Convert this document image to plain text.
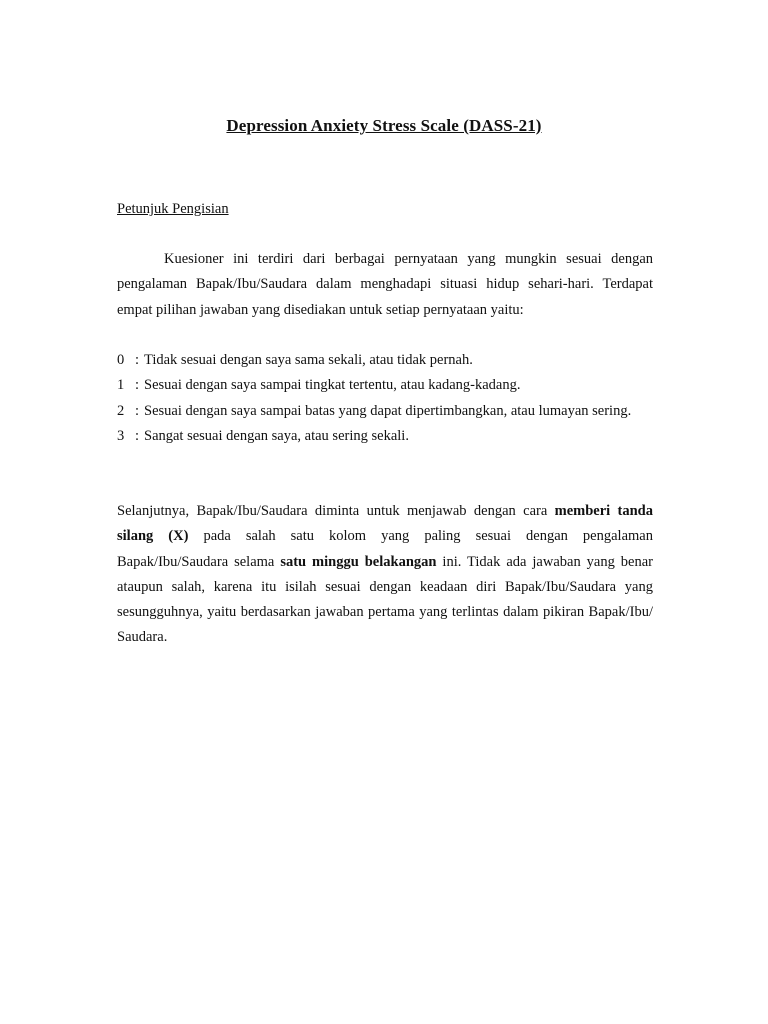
Depression Anxiety Stress Scale (DASS-21)
Petunjuk Pengisian
Kuesioner ini terdiri dari berbagai pernyataan yang mungkin sesuai dengan pengalaman Bapak/Ibu/Saudara dalam menghadapi situasi hidup sehari-hari. Terdapat empat pilihan jawaban yang disediakan untuk setiap pernyataan yaitu:
0 : Tidak sesuai dengan saya sama sekali, atau tidak pernah.
1 : Sesuai dengan saya sampai tingkat tertentu, atau kadang-kadang.
2 : Sesuai dengan saya sampai batas yang dapat dipertimbangkan, atau lumayan sering.
3 : Sangat sesuai dengan saya, atau sering sekali.
Selanjutnya, Bapak/Ibu/Saudara diminta untuk menjawab dengan cara memberi tanda silang (X) pada salah satu kolom yang paling sesuai dengan pengalaman Bapak/Ibu/Saudara selama satu minggu belakangan ini. Tidak ada jawaban yang benar ataupun salah, karena itu isilah sesuai dengan keadaan diri Bapak/Ibu/Saudara yang sesungguhnya, yaitu berdasarkan jawaban pertama yang terlintas dalam pikiran Bapak/Ibu/ Saudara.
